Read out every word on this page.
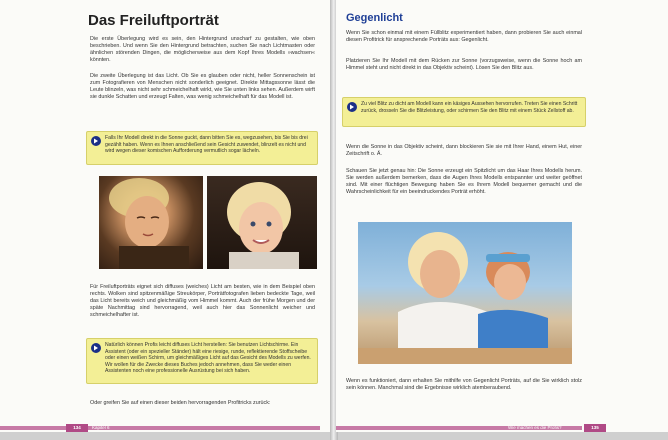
Das Freiluftporträt
Die erste Überlegung wird es sein, den Hintergrund unscharf zu gestalten, wie oben beschrieben. Und wenn Sie den Hintergrund betrachten, suchen Sie nach Lichtmasten oder ähnlichen störenden Dingen, die möglicherweise aus dem Kopf Ihres Modells »wachsen« könnten.
Die zweite Überlegung ist das Licht. Ob Sie es glauben oder nicht, heller Sonnenschein ist zum Fotografieren von Menschen nicht sonderlich geeignet. Direkte Mittagssonne lässt die Leute blinzeln, was nicht sehr schmeichelhaft wirkt, wie Sie unten links sehen. Außerdem wirft sie dunkle Schatten und erzeugt Falten, was wenig schmeichelhaft für das Modell ist.
Falls Ihr Modell direkt in die Sonne guckt, dann bitten Sie es, wegzusehen, bis Sie bis drei gezählt haben. Wenn es Ihnen anschließend sein Gesicht zuwendet, blinzelt es nicht und wird wegen dieser komischen Aufforderung vermutlich sogar lächeln.
Für Freiluftporträts eignet sich diffuses (weiches) Licht am besten, wie in dem Beispiel oben rechts. Wolken sind spitzenmäßige Streukörper, Porträtfotografen lieben bedeckte Tage, weil das Licht bereits weich und gleichmäßig vom Himmel kommt. Auch der frühe Morgen und der späte Nachmittag sind hervorragend, weil auch hier das Sonnenlicht weicher und schmeichelhafter ist.
Natürlich können Profis leicht diffuses Licht herstellen: Sie benutzen Lichtschirme. Ein Assistent (oder ein spezieller Ständer) hält eine riesige, runde, reflektierende Stoffscheibe oder einen weißen Schirm, um gleichmäßiges Licht auf das Gesicht des Modells zu werfen. Wir wollen für die Zwecke dieses Buches jedoch annehmen, dass Sie weder einen Assistenten noch eine professionelle Ausrüstung bei sich haben.
Oder greifen Sie auf einen dieser beiden hervorragenden Profitricks zurück:
134	Kapitel 6
Gegenlicht
Wenn Sie schon einmal mit einem Füllblitz experimentiert haben, dann probieren Sie auch einmal diesen Profitrick für ansprechende Porträts aus: Gegenlicht.
Platzieren Sie Ihr Modell mit dem Rücken zur Sonne (vorzugsweise, wenn die Sonne hoch am Himmel steht und nicht direkt in das Objektiv scheint). Lösen Sie den Blitz aus.
Zu viel Blitz zu dicht am Modell kann ein käsiges Aussehen hervorrufen. Treten Sie einen Schritt zurück, drosseln Sie die Blitzleistung, oder schirmen Sie den Blitz mit einem Stück Zellstoff ab.
Wenn die Sonne in das Objektiv scheint, dann blockieren Sie sie mit Ihrer Hand, einem Hut, einer Zeitschrift o. Ä.
Schauen Sie jetzt genau hin: Die Sonne erzeugt ein Spitzlicht um das Haar Ihres Modells herum. Sie werden außerdem bemerken, dass die Augen Ihres Modells entspannter und weiter geöffnet sind. Mit einer flüchtigen Bewegung haben Sie es Ihrem Modell bequemer gemacht und die Wahrscheinlichkeit für ein beeindruckendes Porträt erhöht.
Wenn es funktioniert, dann erhalten Sie mithilfe von Gegenlicht Porträts, auf die Sie wirklich stolz sein können. Manchmal sind die Ergebnisse wirklich atemberaubend.
Wie machen es die Profis?	135
